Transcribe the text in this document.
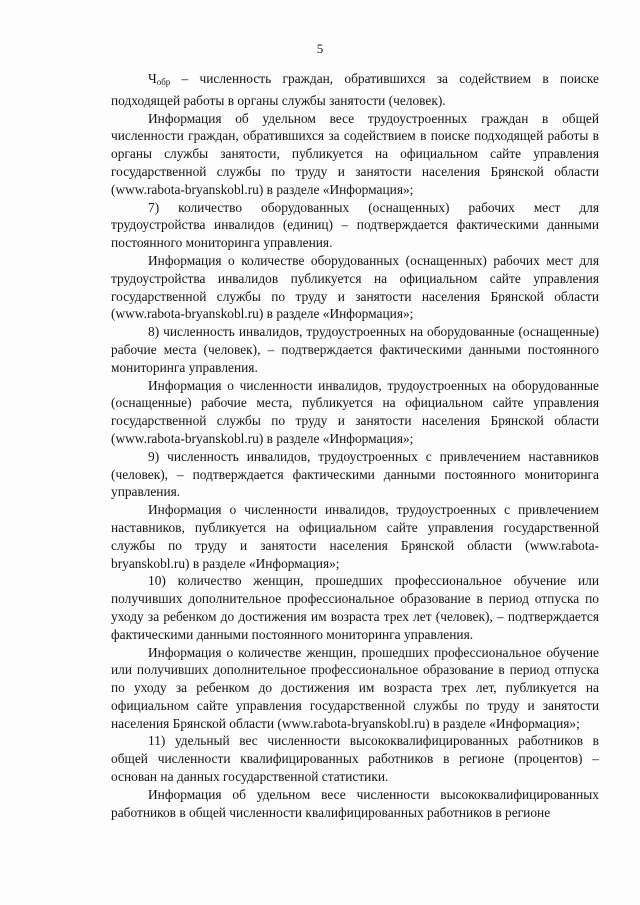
5

$Ч_{обр}$ – численность граждан, обратившихся за содействием в поиске подходящей работы в органы службы занятости (человек).

Информация об удельном весе трудоустроенных граждан в общей численности граждан, обратившихся за содействием в поиске подходящей работы в органы службы занятости, публикуется на официальном сайте управления государственной службы по труду и занятости населения Брянской области (www.rabota-bryanskobl.ru) в разделе «Информация»;

7) количество оборудованных (оснащенных) рабочих мест для трудоустройства инвалидов (единиц) – подтверждается фактическими данными постоянного мониторинга управления.

Информация о количестве оборудованных (оснащенных) рабочих мест для трудоустройства инвалидов публикуется на официальном сайте управления государственной службы по труду и занятости населения Брянской области (www.rabota-bryanskobl.ru) в разделе «Информация»;

8) численность инвалидов, трудоустроенных на оборудованные (оснащенные) рабочие места (человек), – подтверждается фактическими данными постоянного мониторинга управления.

Информация о численности инвалидов, трудоустроенных на оборудованные (оснащенные) рабочие места, публикуется на официальном сайте управления государственной службы по труду и занятости населения Брянской области (www.rabota-bryanskobl.ru) в разделе «Информация»;

9) численность инвалидов, трудоустроенных с привлечением наставников (человек), – подтверждается фактическими данными постоянного мониторинга управления.

Информация о численности инвалидов, трудоустроенных с привлечением наставников, публикуется на официальном сайте управления государственной службы по труду и занятости населения Брянской области (www.rabota-bryanskobl.ru) в разделе «Информация»;

10) количество женщин, прошедших профессиональное обучение или получивших дополнительное профессиональное образование в период отпуска по уходу за ребенком до достижения им возраста трех лет (человек), – подтверждается фактическими данными постоянного мониторинга управления.

Информация о количестве женщин, прошедших профессиональное обучение или получивших дополнительное профессиональное образование в период отпуска по уходу за ребенком до достижения им возраста трех лет, публикуется на официальном сайте управления государственной службы по труду и занятости населения Брянской области (www.rabota-bryanskobl.ru) в разделе «Информация»;

11) удельный вес численности высококвалифицированных работников в общей численности квалифицированных работников в регионе (процентов) – основан на данных государственной статистики.

Информация об удельном весе численности высококвалифицированных работников в общей численности квалифицированных работников в регионе
